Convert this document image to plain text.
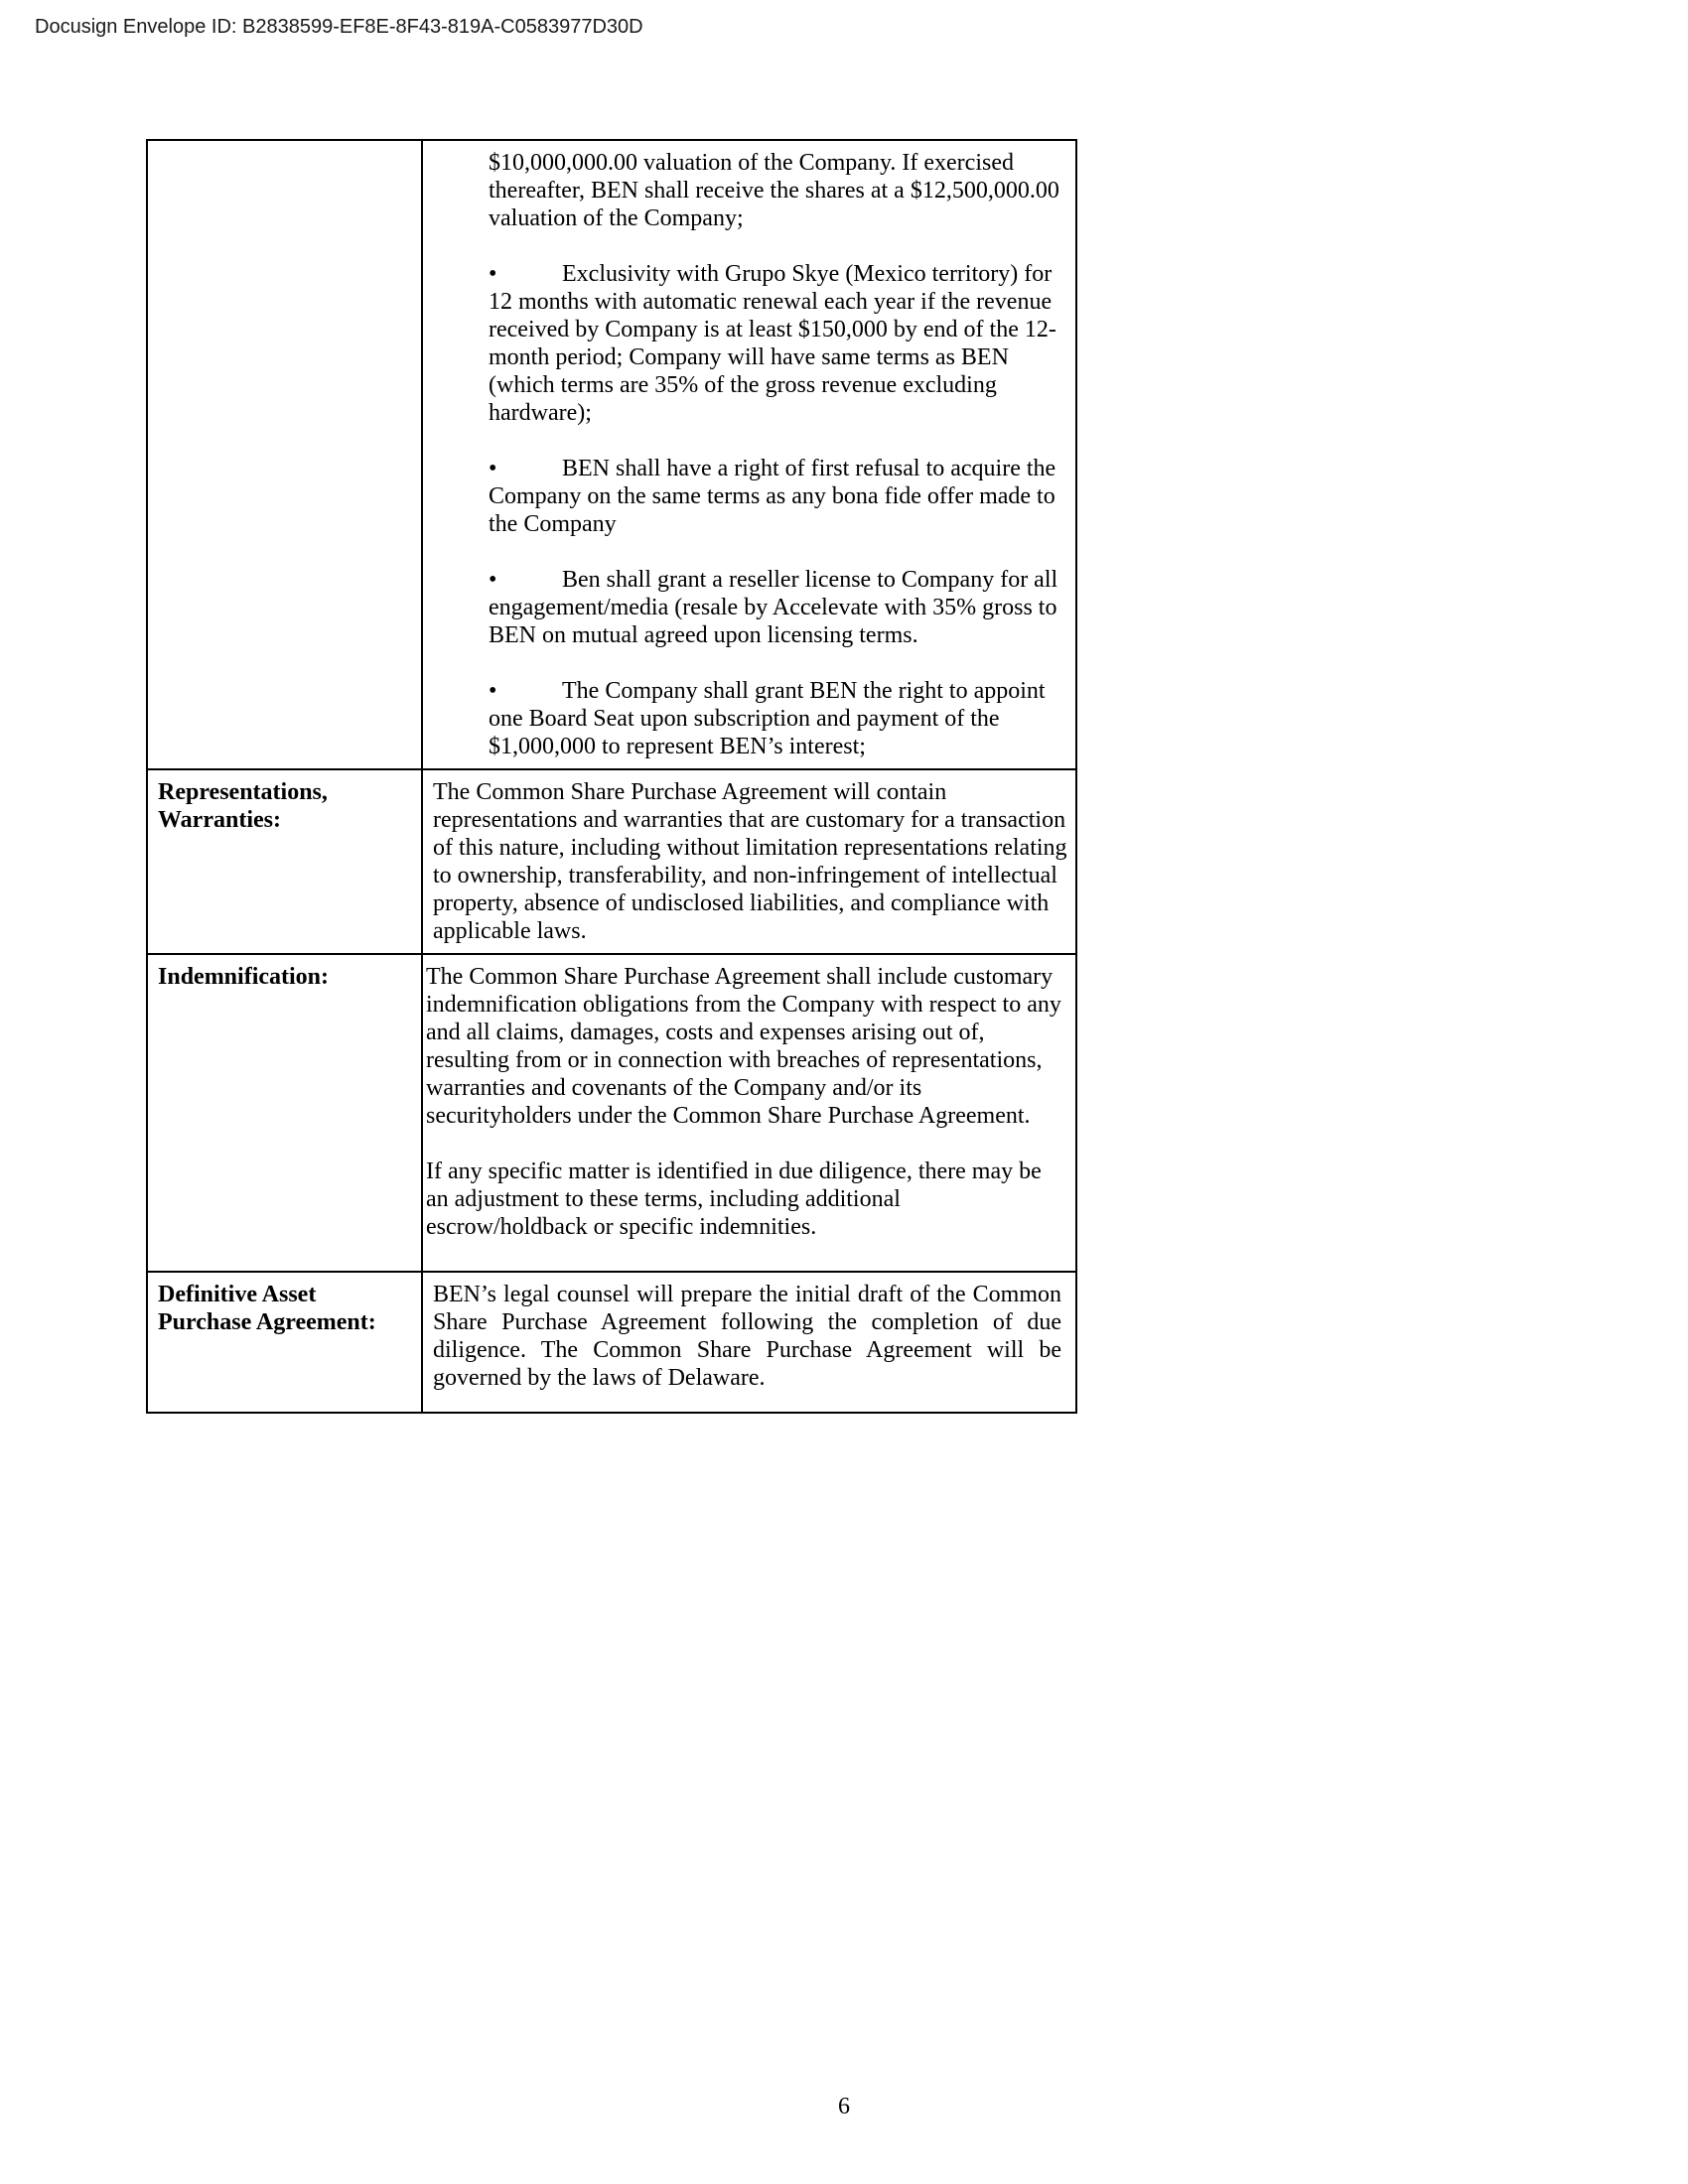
Docusign Envelope ID: B2838599-EF8E-8F43-819A-C0583977D30D

$10,000,000.00 valuation of the Company. If exercised thereafter, BEN shall receive the shares at a $12,500,000.00 valuation of the Company;

•	Exclusivity with Grupo Skye (Mexico territory) for 12 months with automatic renewal each year if the revenue received by Company is at least $150,000 by end of the 12-month period; Company will have same terms as BEN (which terms are 35% of the gross revenue excluding hardware);

•	BEN shall have a right of first refusal to acquire the Company on the same terms as any bona fide offer made to the Company

•	Ben shall grant a reseller license to Company for all engagement/media (resale by Accelevate with 35% gross to BEN on mutual agreed upon licensing terms.

•	The Company shall grant BEN the right to appoint one Board Seat upon subscription and payment of the $1,000,000 to represent BEN’s interest;

Representations, Warranties:

The Common Share Purchase Agreement will contain representations and warranties that are customary for a transaction of this nature, including without limitation representations relating to ownership, transferability, and non-infringement of intellectual property, absence of undisclosed liabilities, and compliance with applicable laws.

Indemnification:	The Common Share Purchase Agreement shall include customary indemnification obligations from the Company with respect to any and all claims, damages, costs and expenses arising out of, resulting from or in connection with breaches of representations, warranties and covenants of the Company and/or its securityholders under the Common Share Purchase Agreement.

If any specific matter is identified in due diligence, there may be an adjustment to these terms, including additional escrow/holdback or specific indemnities.

Definitive Asset Purchase Agreement:

BEN’s legal counsel will prepare the initial draft of the Common Share Purchase Agreement following the completion of due diligence. The Common Share Purchase Agreement will be governed by the laws of Delaware.

6
